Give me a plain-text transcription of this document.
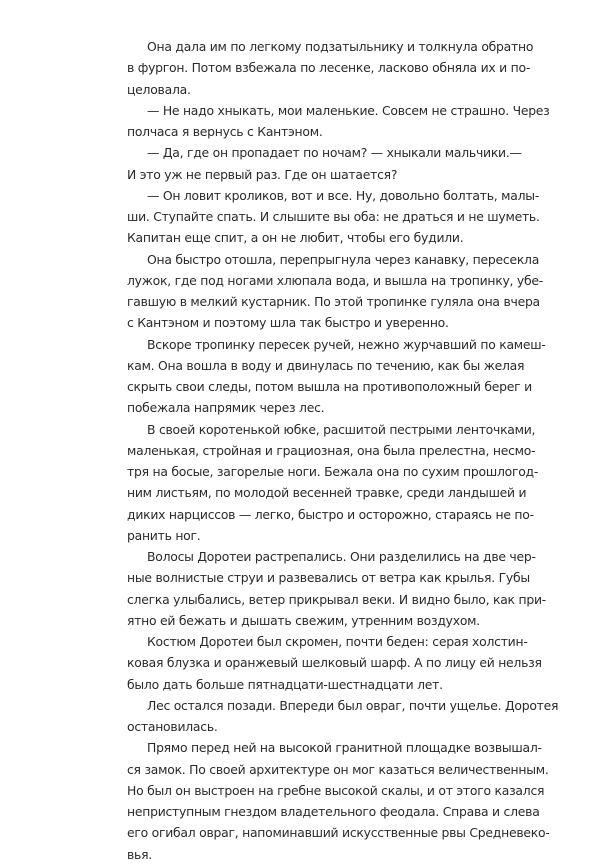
Она дала им по легкому подзатыльнику и толкнула обратно
в фургон. Потом взбежала по лесенке, ласково обняла их и по-
целовала.
— Не надо хныкать, мои маленькие. Совсем не страшно. Через
полчаса я вернусь с Кантэном.
— Да, где он пропадает по ночам? — хныкали мальчики.—
И это уж не первый раз. Где он шатается?
— Он ловит кроликов, вот и все. Ну, довольно болтать, малы-
ши. Ступайте спать. И слышите вы оба: не драться и не шуметь.
Капитан еще спит, а он не любит, чтобы его будили.
Она быстро отошла, перепрыгнула через канавку, пересекла
лужок, где под ногами хлюпала вода, и вышла на тропинку, убе-
гавшую в мелкий кустарник. По этой тропинке гуляла она вчера
с Кантэном и поэтому шла так быстро и уверенно.
Вскоре тропинку пересек ручей, нежно журчавший по камеш-
кам. Она вошла в воду и двинулась по течению, как бы желая
скрыть свои следы, потом вышла на противоположный берег и
побежала напрямик через лес.
В своей коротенькой юбке, расшитой пестрыми ленточками,
маленькая, стройная и грациозная, она была прелестна, несмо-
тря на босые, загорелые ноги. Бежала она по сухим прошлогод-
ним листьям, по молодой весенней травке, среди ландышей и
диких нарциссов — легко, быстро и осторожно, стараясь не по-
ранить ног.
Волосы Доротеи растрепались. Они разделились на две чер-
ные волнистые струи и развевались от ветра как крылья. Губы
слегка улыбались, ветер прикрывал веки. И видно было, как при-
ятно ей бежать и дышать свежим, утренним воздухом.
Костюм Доротеи был скромен, почти беден: серая холстин-
ковая блузка и оранжевый шелковый шарф. А по лицу ей нельзя
было дать больше пятнадцати-шестнадцати лет.
Лес остался позади. Впереди был овраг, почти ущелье. Доротея
остановилась.
Прямо перед ней на высокой гранитной площадке возвышал-
ся замок. По своей архитектуре он мог казаться величественным.
Но был он выстроен на гребне высокой скалы, и от этого казался
неприступным гнездом владетельного феодала. Справа и слева
его огибал овраг, напоминавший искусственные рвы Средневеко-
вья.
